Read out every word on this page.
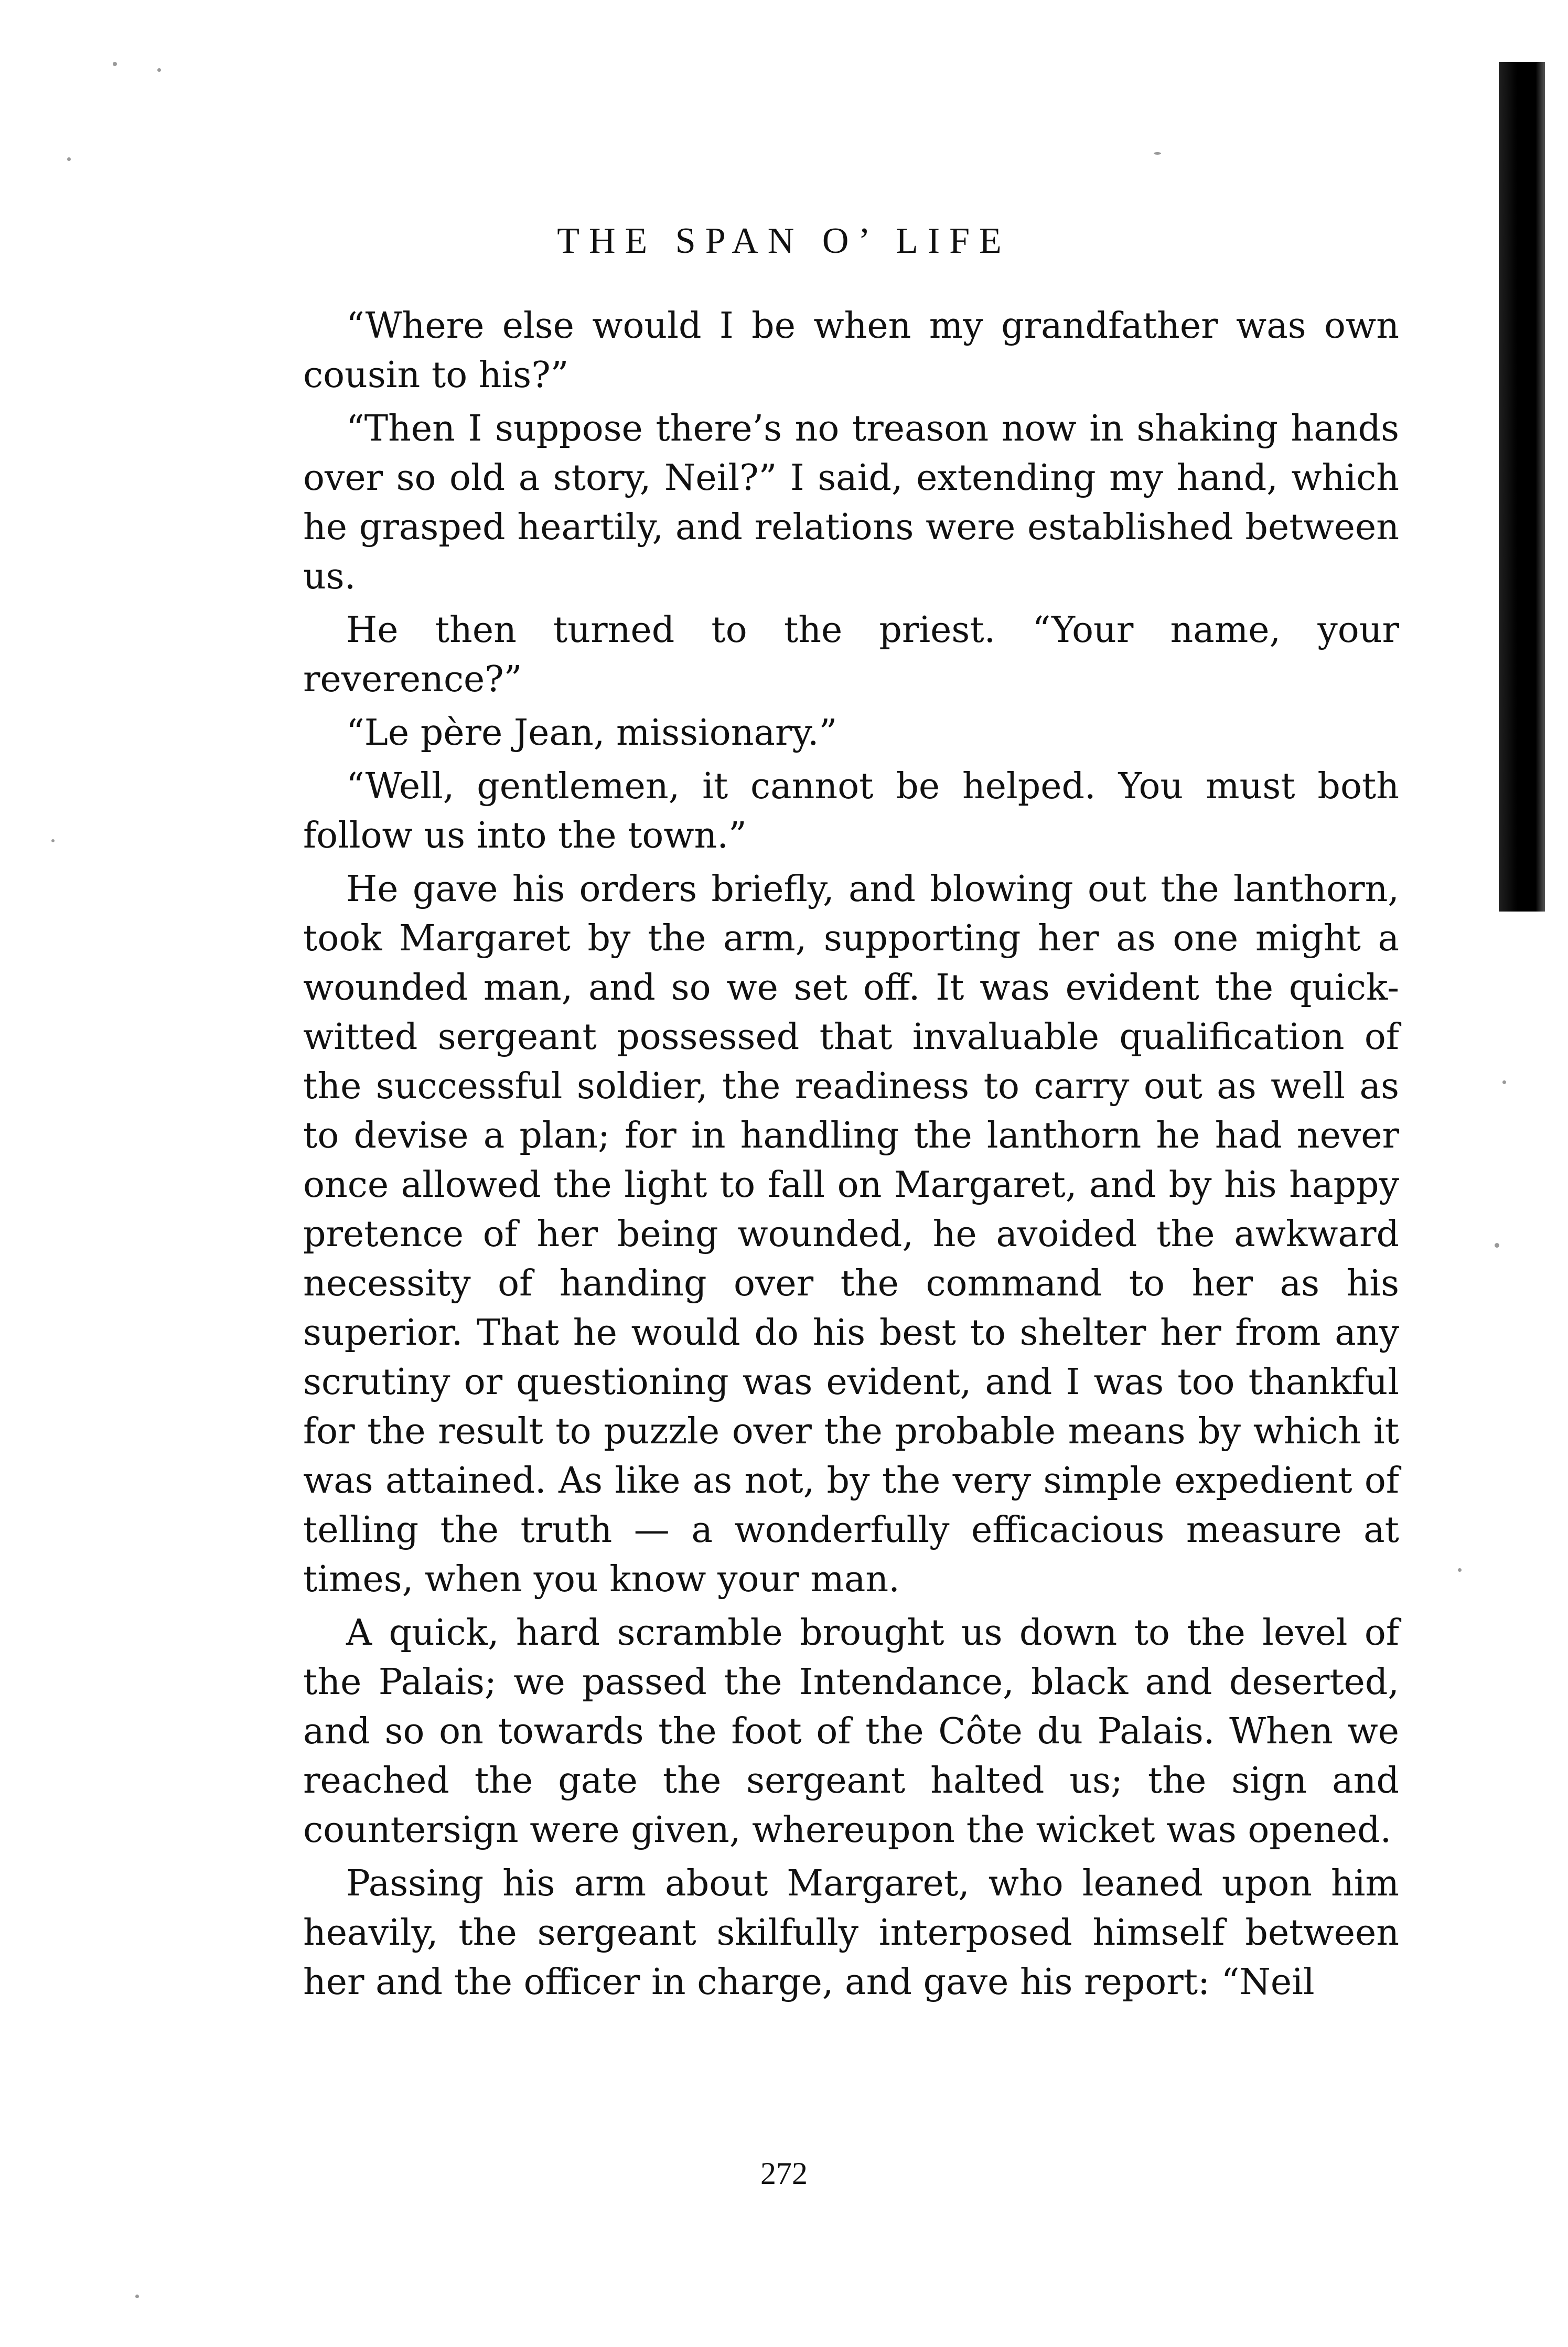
THE SPAN O’ LIFE

“Where else would I be when my grandfather was own cousin to his?”

“Then I suppose there’s no treason now in shaking hands over so old a story, Neil?” I said, extending my hand, which he grasped heartily, and relations were established between us.

He then turned to the priest. “Your name, your reverence?”

“Le père Jean, missionary.”

“Well, gentlemen, it cannot be helped. You must both follow us into the town.”

He gave his orders briefly, and blowing out the lanthorn, took Margaret by the arm, supporting her as one might a wounded man, and so we set off. It was evident the quick-witted sergeant possessed that invaluable qualification of the successful soldier, the readiness to carry out as well as to devise a plan; for in handling the lanthorn he had never once allowed the light to fall on Margaret, and by his happy pretence of her being wounded, he avoided the awkward necessity of handing over the command to her as his superior. That he would do his best to shelter her from any scrutiny or questioning was evident, and I was too thankful for the result to puzzle over the probable means by which it was attained. As like as not, by the very simple expedient of telling the truth — a wonderfully efficacious measure at times, when you know your man.

A quick, hard scramble brought us down to the level of the Palais; we passed the Intendance, black and deserted, and so on towards the foot of the Côte du Palais. When we reached the gate the sergeant halted us; the sign and countersign were given, whereupon the wicket was opened.

Passing his arm about Margaret, who leaned upon him heavily, the sergeant skilfully interposed himself between her and the officer in charge, and gave his report: “Neil

272
